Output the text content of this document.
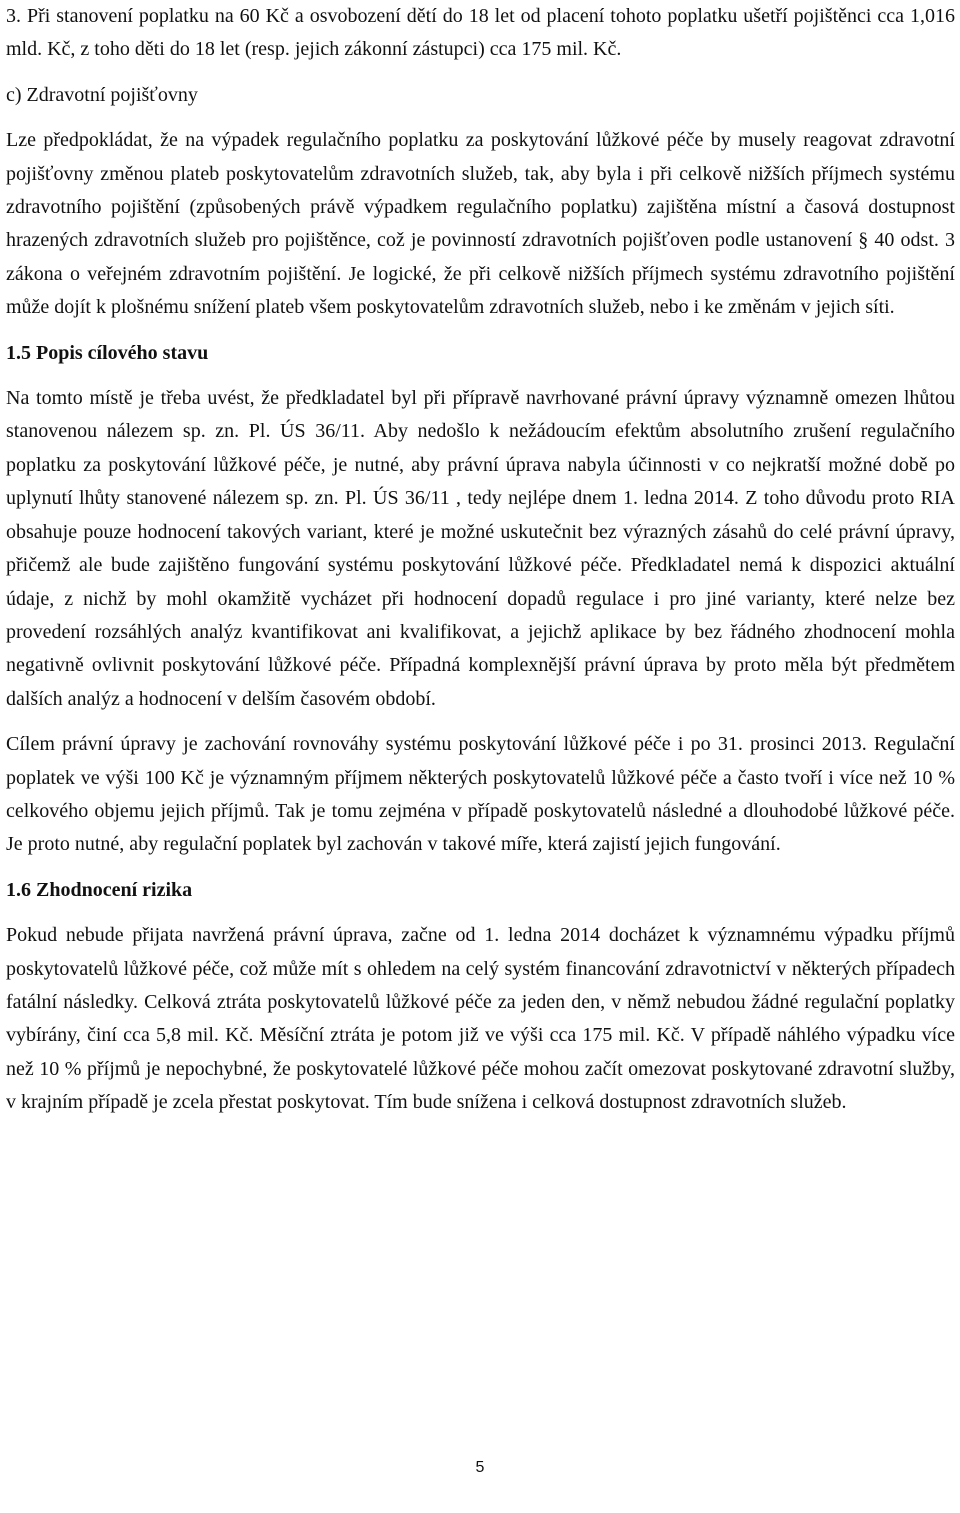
3. Při stanovení poplatku na 60 Kč a osvobození dětí do 18 let od placení tohoto poplatku ušetří pojištěnci cca 1,016 mld. Kč, z toho děti do 18 let (resp. jejich zákonní zástupci) cca 175 mil. Kč.

c) Zdravotní pojišťovny

Lze předpokládat, že na výpadek regulačního poplatku za poskytování lůžkové péče by musely reagovat zdravotní pojišťovny změnou plateb poskytovatelům zdravotních služeb, tak, aby byla i při celkově nižších příjmech systému zdravotního pojištění (způsobených právě výpadkem regulačního poplatku) zajištěna místní a časová dostupnost hrazených zdravotních služeb pro pojištěnce, což je povinností zdravotních pojišťoven podle ustanovení § 40 odst. 3 zákona o veřejném zdravotním pojištění. Je logické, že při celkově nižších příjmech systému zdravotního pojištění může dojít k plošnému snížení plateb všem poskytovatelům zdravotních služeb, nebo i ke změnám v jejich síti.

1.5 Popis cílového stavu

Na tomto místě je třeba uvést, že předkladatel byl při přípravě navrhované právní úpravy významně omezen lhůtou stanovenou nálezem sp. zn. Pl. ÚS 36/11. Aby nedošlo k nežádoucím efektům absolutního zrušení regulačního poplatku za poskytování lůžkové péče, je nutné, aby právní úprava nabyla účinnosti v co nejkratší možné době po uplynutí lhůty stanovené nálezem sp. zn. Pl. ÚS 36/11 , tedy nejlépe dnem 1. ledna 2014. Z toho důvodu proto RIA obsahuje pouze hodnocení takových variant, které je možné uskutečnit bez výrazných zásahů do celé právní úpravy, přičemž ale bude zajištěno fungování systému poskytování lůžkové péče. Předkladatel nemá k dispozici aktuální údaje, z nichž by mohl okamžitě vycházet při hodnocení dopadů regulace i pro jiné varianty, které nelze bez provedení rozsáhlých analýz kvantifikovat ani kvalifikovat, a jejichž aplikace by bez řádného zhodnocení mohla negativně ovlivnit poskytování lůžkové péče. Případná komplexnější právní úprava by proto měla být předmětem dalších analýz a hodnocení v delším časovém období.

Cílem právní úpravy je zachování rovnováhy systému poskytování lůžkové péče i po 31. prosinci 2013. Regulační poplatek ve výši 100 Kč je významným příjmem některých poskytovatelů lůžkové péče a často tvoří i více než 10 % celkového objemu jejich příjmů. Tak je tomu zejména v případě poskytovatelů následné a dlouhodobé lůžkové péče. Je proto nutné, aby regulační poplatek byl zachován v takové míře, která zajistí jejich fungování.

1.6 Zhodnocení rizika

Pokud nebude přijata navržená právní úprava, začne od 1. ledna 2014 docházet k významnému výpadku příjmů poskytovatelů lůžkové péče, což může mít s ohledem na celý systém financování zdravotnictví v některých případech fatální následky. Celková ztráta poskytovatelů lůžkové péče za jeden den, v němž nebudou žádné regulační poplatky vybírány, činí cca 5,8 mil. Kč. Měsíční ztráta je potom již ve výši cca 175 mil. Kč. V případě náhlého výpadku více než 10 % příjmů je nepochybné, že poskytovatelé lůžkové péče mohou začít omezovat poskytované zdravotní služby, v krajním případě je zcela přestat poskytovat. Tím bude snížena i celková dostupnost zdravotních služeb.

5
